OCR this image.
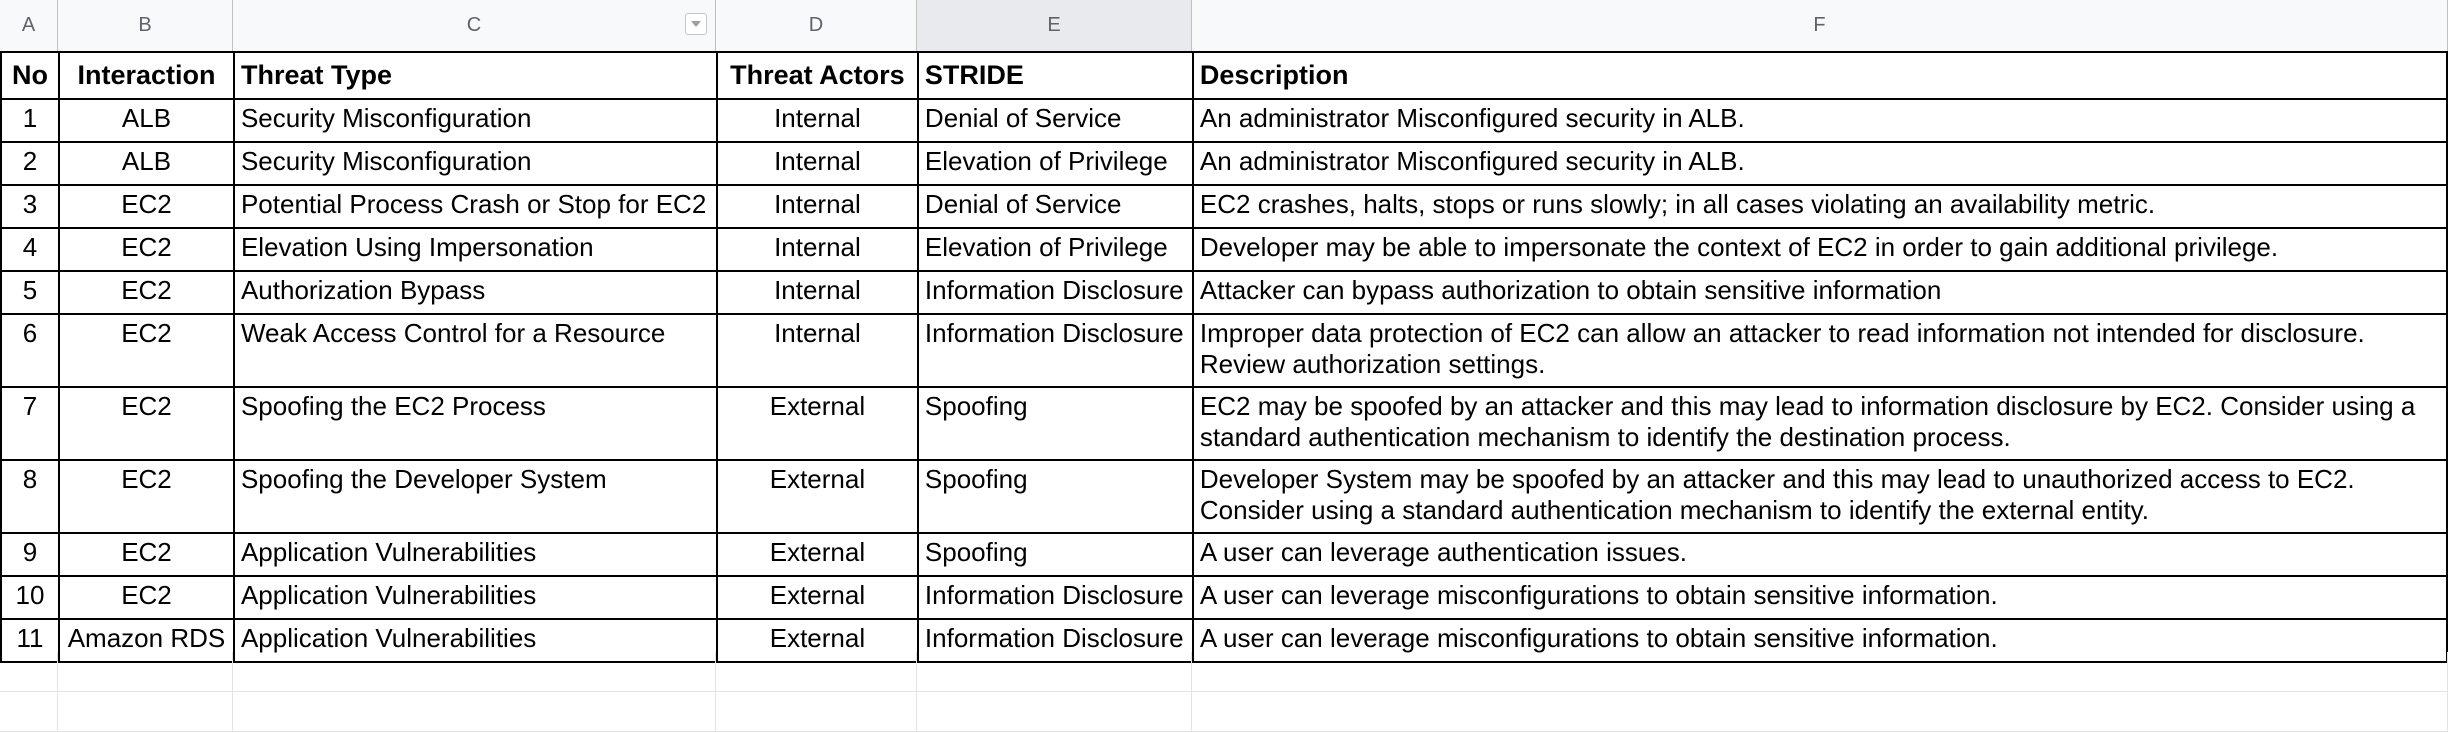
A	B	C	D	E	F
No	Interaction	Threat Type	Threat Actors	STRIDE	Description
1	ALB	Security Misconfiguration	Internal	Denial of Service	An administrator Misconfigured security in ALB.
2	ALB	Security Misconfiguration	Internal	Elevation of Privilege	An administrator Misconfigured security in ALB.
3	EC2	Potential Process Crash or Stop for EC2	Internal	Denial of Service	EC2 crashes, halts, stops or runs slowly; in all cases violating an availability metric.
4	EC2	Elevation Using Impersonation	Internal	Elevation of Privilege	Developer may be able to impersonate the context of EC2 in order to gain additional privilege.
5	EC2	Authorization Bypass	Internal	Information Disclosure	Attacker can bypass authorization to obtain sensitive information
6	EC2	Weak Access Control for a Resource	Internal	Information Disclosure	Improper data protection of EC2 can allow an attacker to read information not intended for disclosure. Review authorization settings.
7	EC2	Spoofing the EC2 Process	External	Spoofing	EC2 may be spoofed by an attacker and this may lead to information disclosure by EC2. Consider using a standard authentication mechanism to identify the destination process.
8	EC2	Spoofing the Developer System	External	Spoofing	Developer System may be spoofed by an attacker and this may lead to unauthorized access to EC2. Consider using a standard authentication mechanism to identify the external entity.
9	EC2	Application Vulnerabilities	External	Spoofing	A user can leverage authentication issues.
10	EC2	Application Vulnerabilities	External	Information Disclosure	A user can leverage misconfigurations to obtain sensitive information.
11	Amazon RDS	Application Vulnerabilities	External	Information Disclosure	A user can leverage misconfigurations to obtain sensitive information.
